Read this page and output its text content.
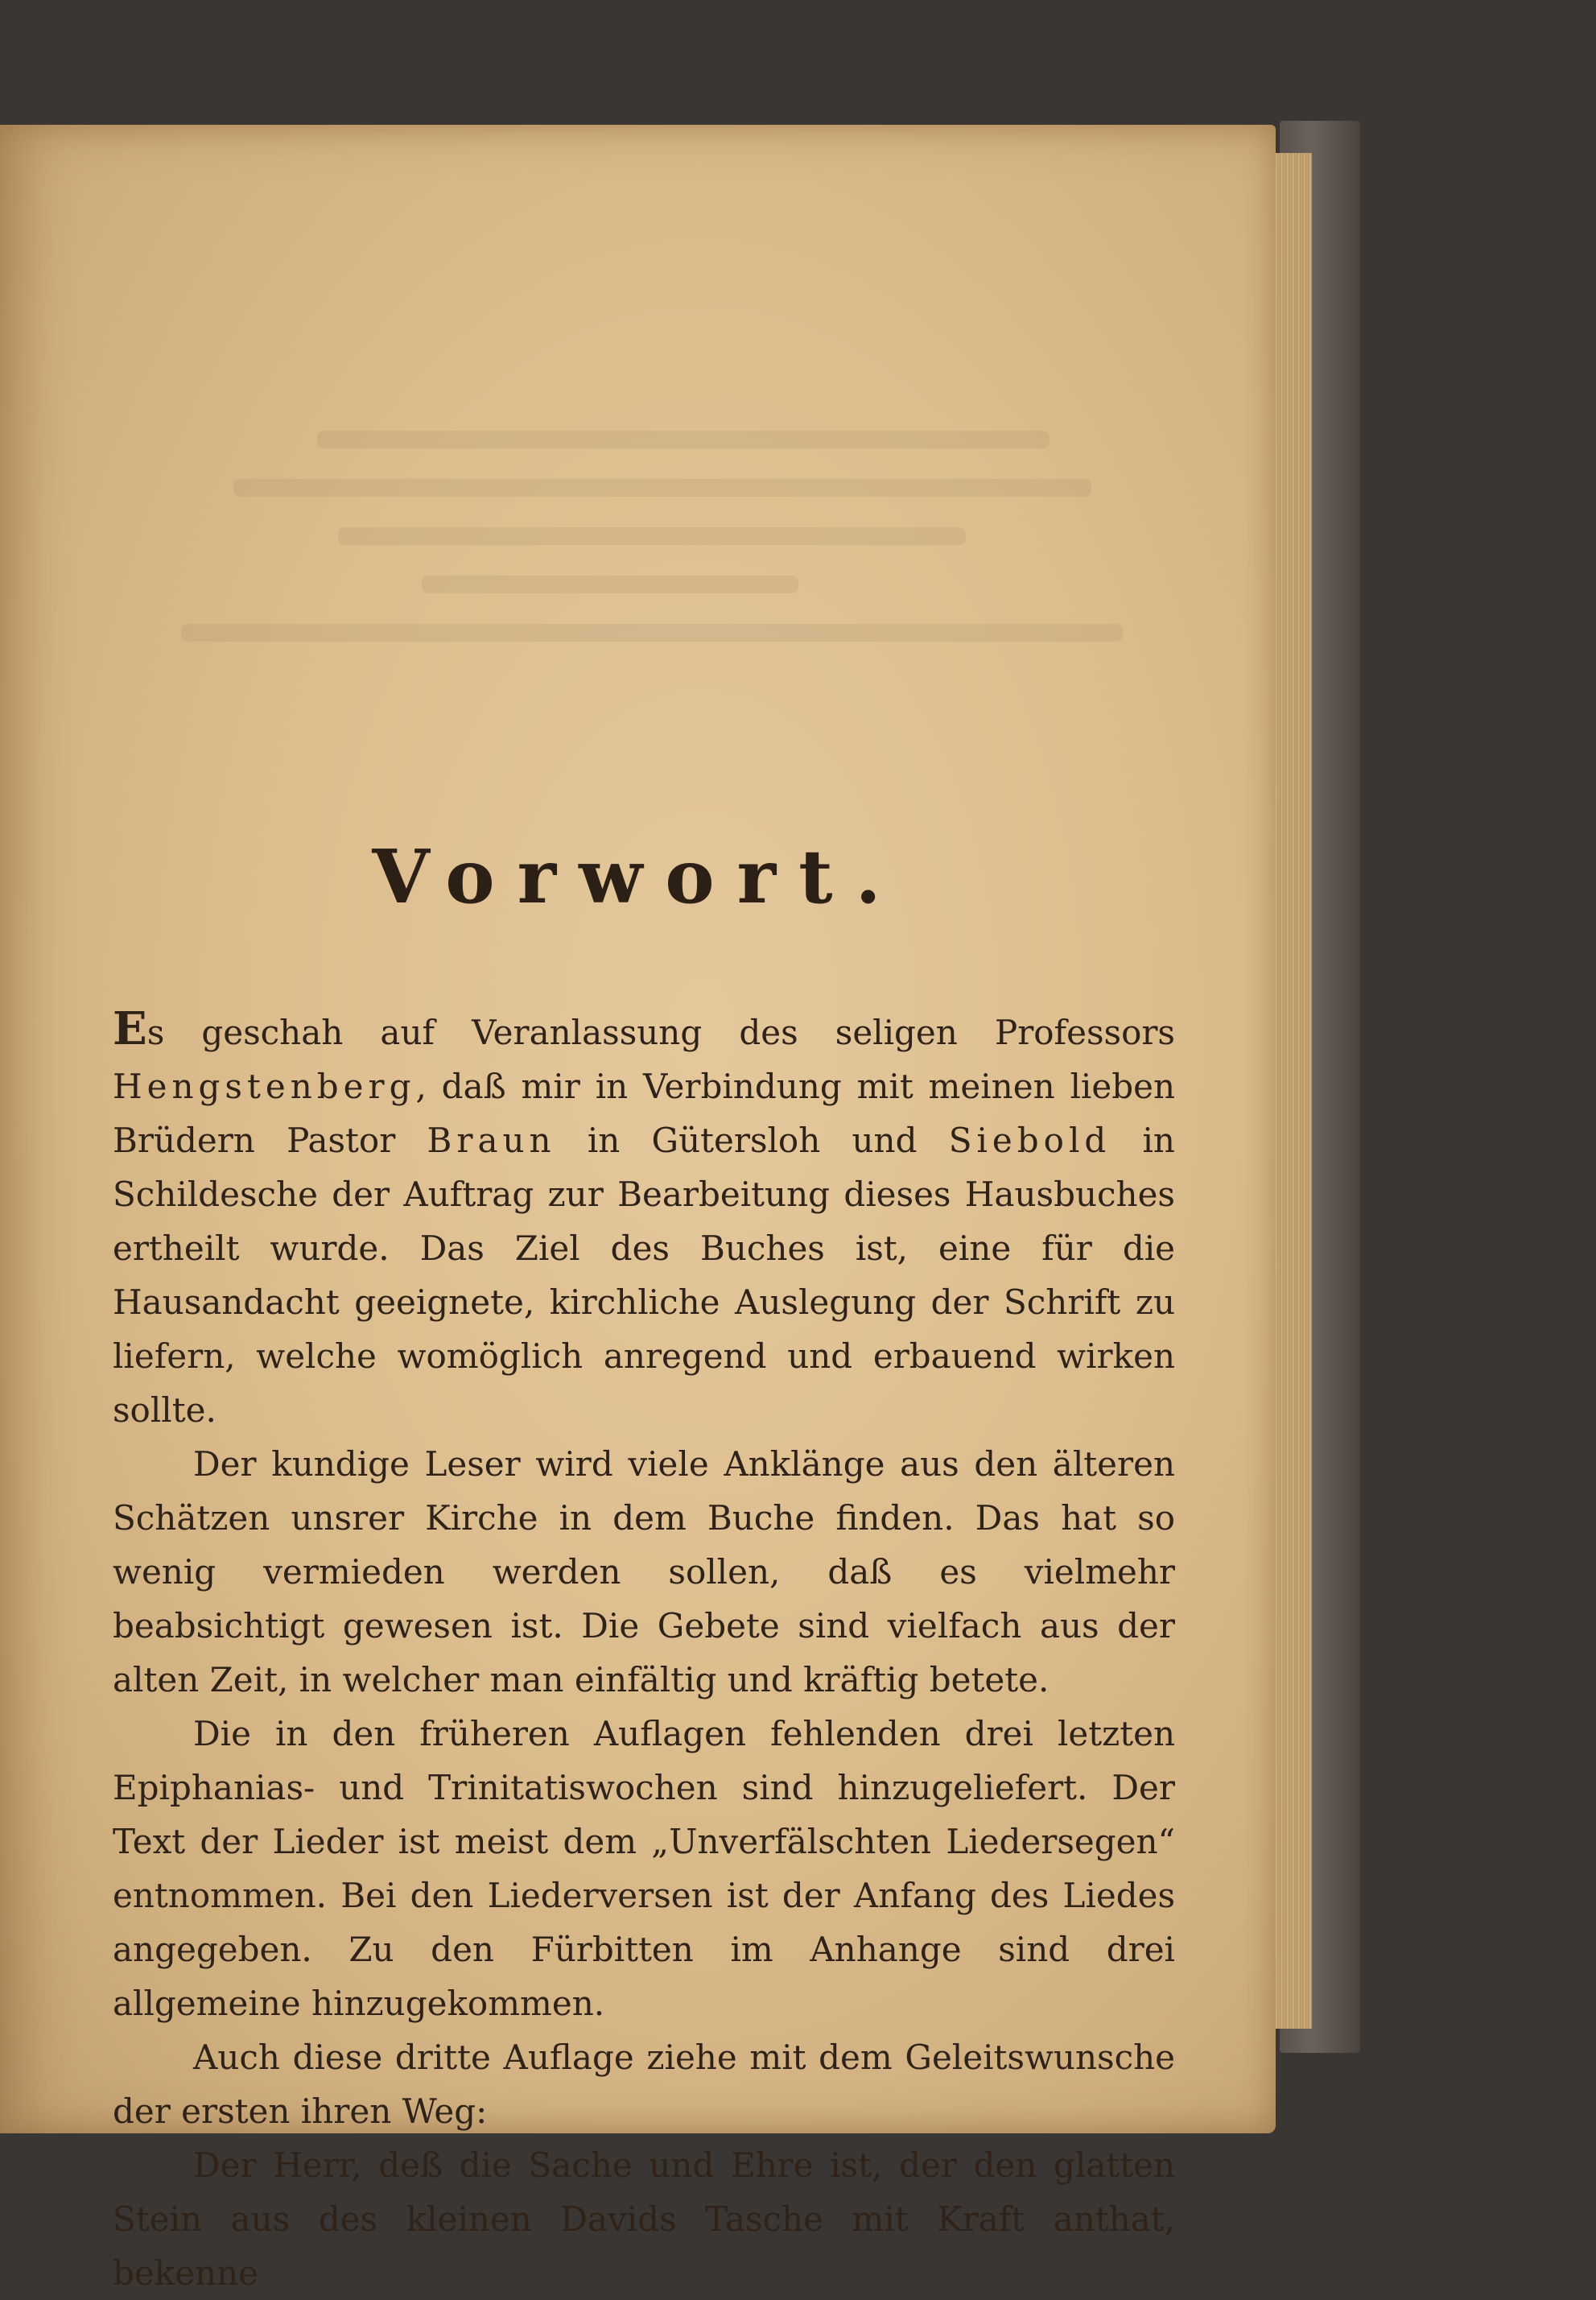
Vorwort.

Es geschah auf Veranlassung des seligen Professors Hengstenberg, daß mir in Verbindung mit meinen lieben Brüdern Pastor Braun in Gütersloh und Siebold in Schildesche der Auftrag zur Bearbeitung dieses Hausbuches ertheilt wurde. Das Ziel des Buches ist, eine für die Hausandacht geeignete, kirchliche Auslegung der Schrift zu liefern, welche womöglich anregend und erbauend wirken sollte.

Der kundige Leser wird viele Anklänge aus den älteren Schätzen unsrer Kirche in dem Buche finden. Das hat so wenig vermieden werden sollen, daß es vielmehr beabsichtigt gewesen ist. Die Gebete sind vielfach aus der alten Zeit, in welcher man einfältig und kräftig betete.

Die in den früheren Auflagen fehlenden drei letzten Epiphanias- und Trinitatiswochen sind hinzugeliefert. Der Text der Lieder ist meist dem „Unverfälschten Liedersegen“ entnommen. Bei den Liederversen ist der Anfang des Liedes angegeben. Zu den Fürbitten im Anhange sind drei allgemeine hinzugekommen.

Auch diese dritte Auflage ziehe mit dem Geleitswunsche der ersten ihren Weg:

Der Herr, deß die Sache und Ehre ist, der den glatten Stein aus des kleinen Davids Tasche mit Kraft anthat, bekenne
